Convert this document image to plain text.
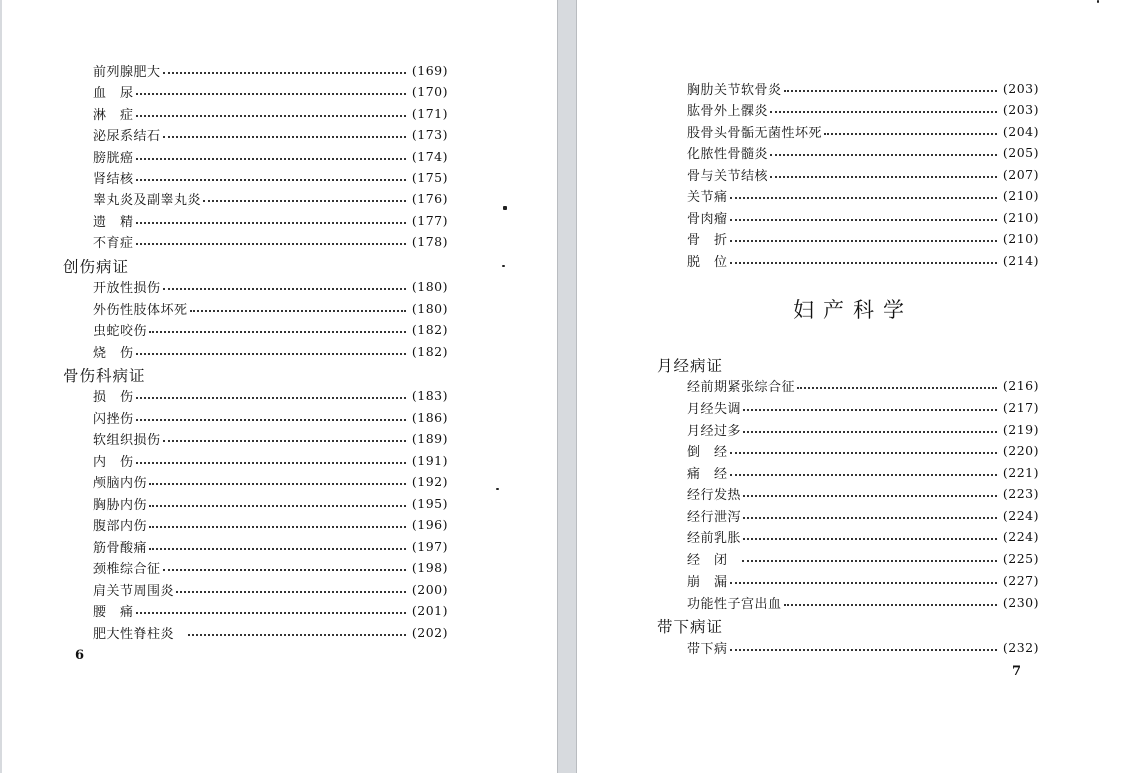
前列腺肥大	(169)
血　尿	(170)
淋　症	(171)
泌尿系结石	(173)
膀胱癌	(174)
肾结核	(175)
睾丸炎及副睾丸炎	(176)
遗　精	(177)
不育症	(178)
创伤病证
开放性损伤	(180)
外伤性肢体坏死	(180)
虫蛇咬伤	(182)
烧　伤	(182)
骨伤科病证
损　伤	(183)
闪挫伤	(186)
软组织损伤	(189)
内　伤	(191)
颅脑内伤	(192)
胸胁内伤	(195)
腹部内伤	(196)
筋骨酸痛	(197)
颈椎综合征	(198)
肩关节周围炎	(200)
腰　痛	(201)
肥大性脊柱炎	(202)
6
胸肋关节软骨炎	(203)
肱骨外上髁炎	(203)
股骨头骨骺无菌性坏死	(204)
化脓性骨髓炎	(205)
骨与关节结核	(207)
关节痛	(210)
骨肉瘤	(210)
骨　折	(210)
脱　位	(214)
妇产科学
月经病证
经前期紧张综合征	(216)
月经失调	(217)
月经过多	(219)
倒　经	(220)
痛　经	(221)
经行发热	(223)
经行泄泻	(224)
经前乳胀	(224)
经　闭	(225)
崩　漏	(227)
功能性子宫出血	(230)
带下病证
带下病	(232)
7
